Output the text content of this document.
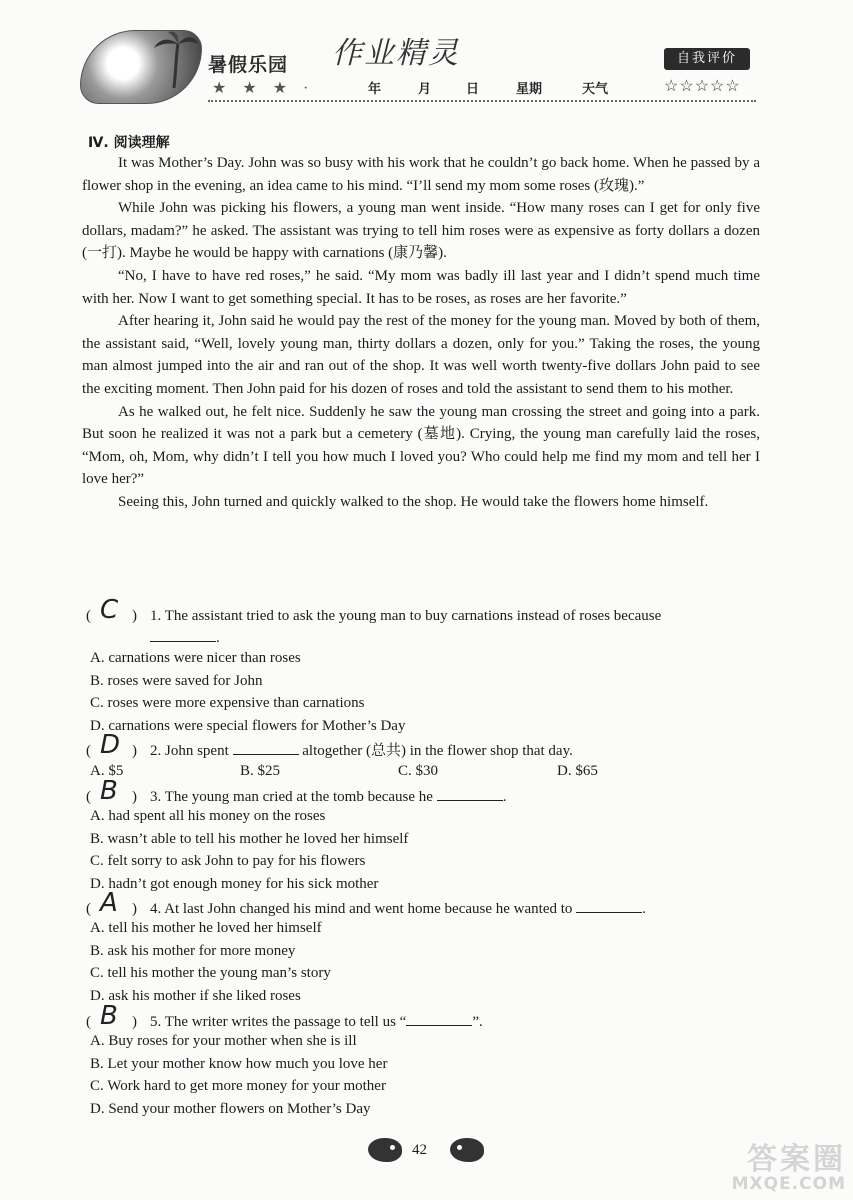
暑假乐园
★ ★ ★ ·
作业精灵
年	月	日	星期	天气
自我评价
☆☆☆☆☆
Ⅳ. 阅读理解

It was Mother’s Day. John was so busy with his work that he couldn’t go back home. When he passed by a flower shop in the evening, an idea came to his mind. “I’ll send my mom some roses (玫瑰).”

While John was picking his flowers, a young man went inside. “How many roses can I get for only five dollars, madam?” he asked. The assistant was trying to tell him roses were as expensive as forty dollars a dozen (一打). Maybe he would be happy with carnations (康乃馨).

“No, I have to have red roses,” he said. “My mom was badly ill last year and I didn’t spend much time with her. Now I want to get something special. It has to be roses, as roses are her favorite.”

After hearing it, John said he would pay the rest of the money for the young man. Moved by both of them, the assistant said, “Well, lovely young man, thirty dollars a dozen, only for you.” Taking the roses, the young man almost jumped into the air and ran out of the shop. It was well worth twenty-five dollars John paid to see the exciting moment. Then John paid for his dozen of roses and told the assistant to send them to his mother.

As he walked out, he felt nice. Suddenly he saw the young man crossing the street and going into a park. But soon he realized it was not a park but a cemetery (墓地). Crying, the young man carefully laid the roses, “Mom, oh, Mom, why didn’t I tell you how much I loved you? Who could help me find my mom and tell her I love her?”

Seeing this, John turned and quickly walked to the shop. He would take the flowers home himself.

( C ) 1. The assistant tried to ask the young man to buy carnations instead of roses because
.
A. carnations were nicer than roses
B. roses were saved for John
C. roses were more expensive than carnations
D. carnations were special flowers for Mother’s Day
( D ) 2. John spent	altogether (总共) in the flower shop that day.
A. $5	B. $25	C. $30	D. $65
( B ) 3. The young man cried at the tomb because he	.
A. had spent all his money on the roses
B. wasn’t able to tell his mother he loved her himself
C. felt sorry to ask John to pay for his flowers
D. hadn’t got enough money for his sick mother
( A ) 4. At last John changed his mind and went home because he wanted to	.
A. tell his mother he loved her himself
B. ask his mother for more money
C. tell his mother the young man’s story
D. ask his mother if she liked roses
( B ) 5. The writer writes the passage to tell us “	”.
A. Buy roses for your mother when she is ill
B. Let your mother know how much you love her
C. Work hard to get more money for your mother
D. Send your mother flowers on Mother’s Day
42	答案圈
MXQE.COM
